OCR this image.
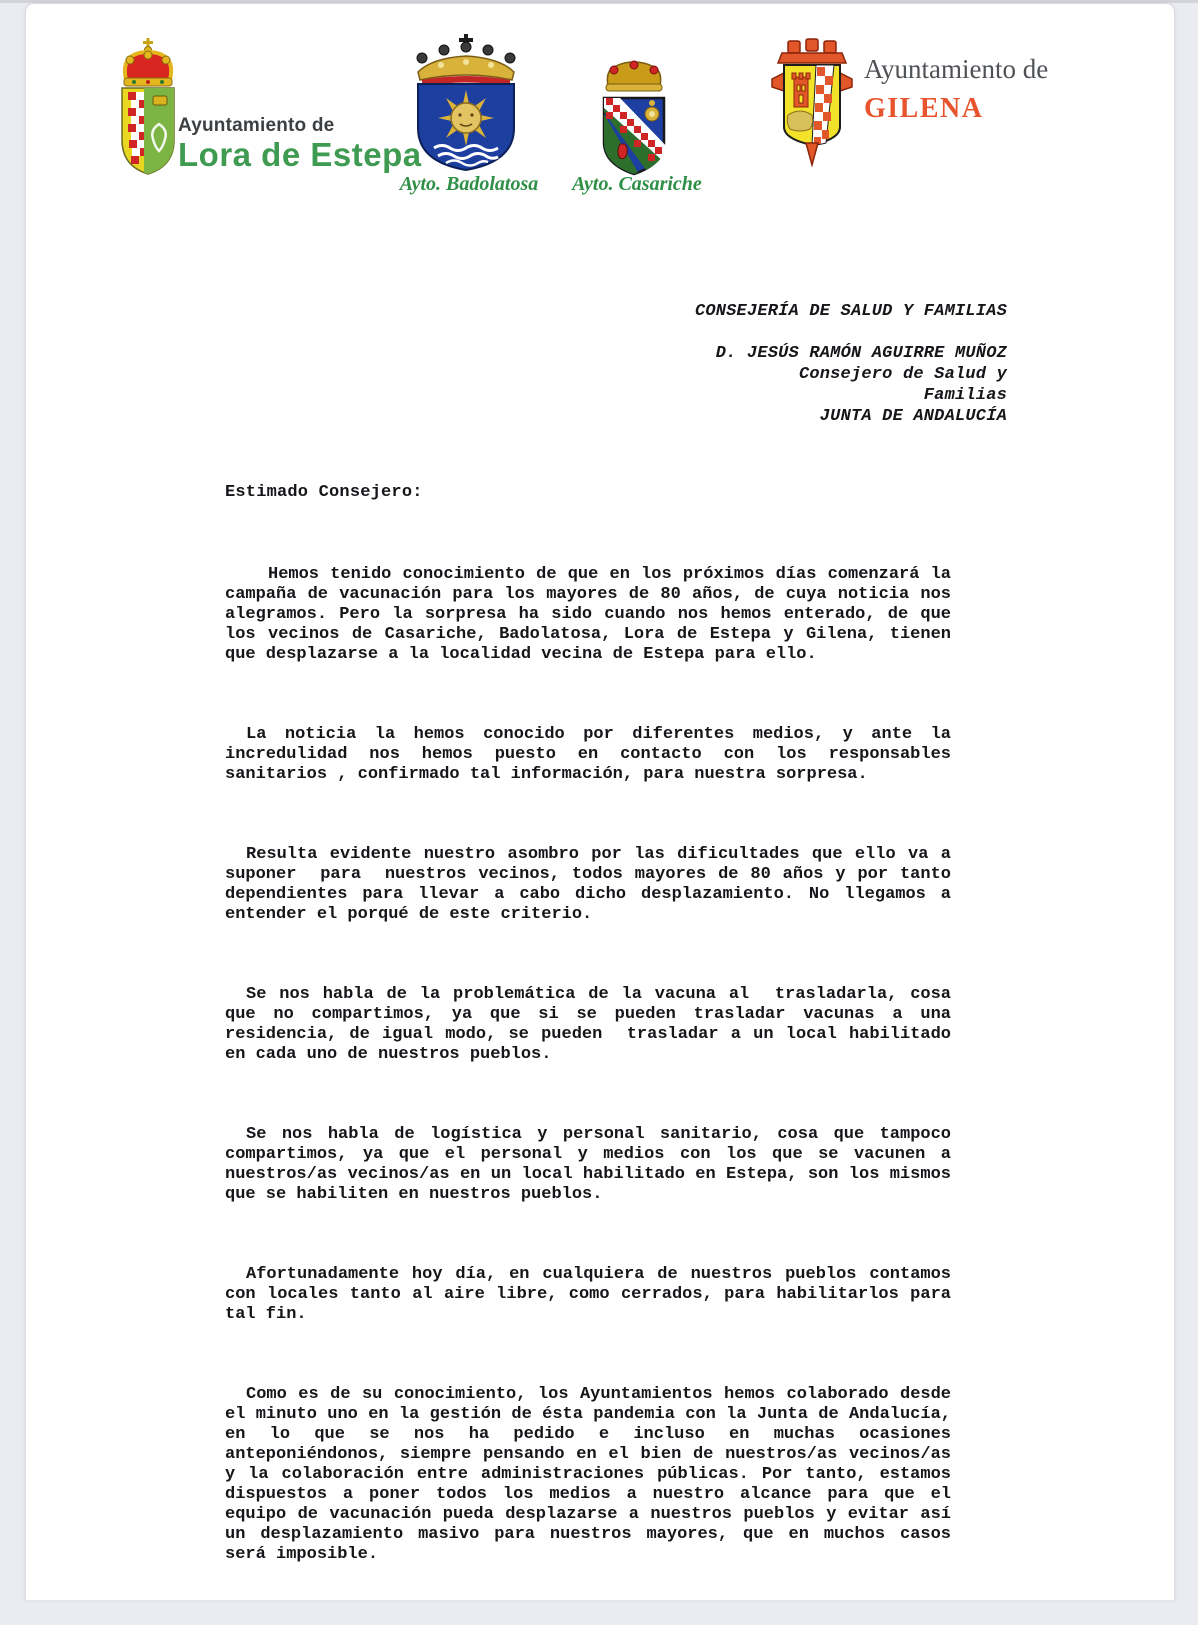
Ayuntamiento de
Lora de Estepa
Ayto. Badolatosa	Ayto. Casariche
Ayuntamiento de
GILENA
CONSEJERÍA DE SALUD Y FAMILIAS
D. JESÚS RAMÓN AGUIRRE MUÑOZ
Consejero de Salud y
Familias
JUNTA DE ANDALUCÍA
Estimado Consejero:

Hemos tenido conocimiento de que en los próximos días comenzará la campaña de vacunación para los mayores de 80 años, de cuya noticia nos alegramos. Pero la sorpresa ha sido cuando nos hemos enterado, de que los vecinos de Casariche, Badolatosa, Lora de Estepa y Gilena, tienen que desplazarse a la localidad vecina de Estepa para ello.

La noticia la hemos conocido por diferentes medios, y ante la incredulidad nos hemos puesto en contacto con los responsables sanitarios , confirmado tal información, para nuestra sorpresa.

Resulta evidente nuestro asombro por las dificultades que ello va a suponer  para  nuestros vecinos, todos mayores de 80 años y por tanto dependientes para llevar a cabo dicho desplazamiento. No llegamos a entender el porqué de este criterio.

Se nos habla de la problemática de la vacuna al  trasladarla, cosa que no compartimos, ya que si se pueden trasladar vacunas a una residencia, de igual modo, se pueden  trasladar a un local habilitado en cada uno de nuestros pueblos.

Se nos habla de logística y personal sanitario, cosa que tampoco compartimos, ya que el personal y medios con los que se vacunen a nuestros/as vecinos/as en un local habilitado en Estepa, son los mismos que se habiliten en nuestros pueblos.

Afortunadamente hoy día, en cualquiera de nuestros pueblos contamos con locales tanto al aire libre, como cerrados, para habilitarlos para tal fin.

Como es de su conocimiento, los Ayuntamientos hemos colaborado desde el minuto uno en la gestión de ésta pandemia con la Junta de Andalucía, en lo que se nos ha pedido e incluso en muchas ocasiones anteponiéndonos, siempre pensando en el bien de nuestros/as vecinos/as y la colaboración entre administraciones públicas. Por tanto, estamos dispuestos a poner todos los medios a nuestro alcance para que el equipo de vacunación pueda desplazarse a nuestros pueblos y evitar así un desplazamiento masivo para nuestros mayores, que en muchos casos será imposible.
